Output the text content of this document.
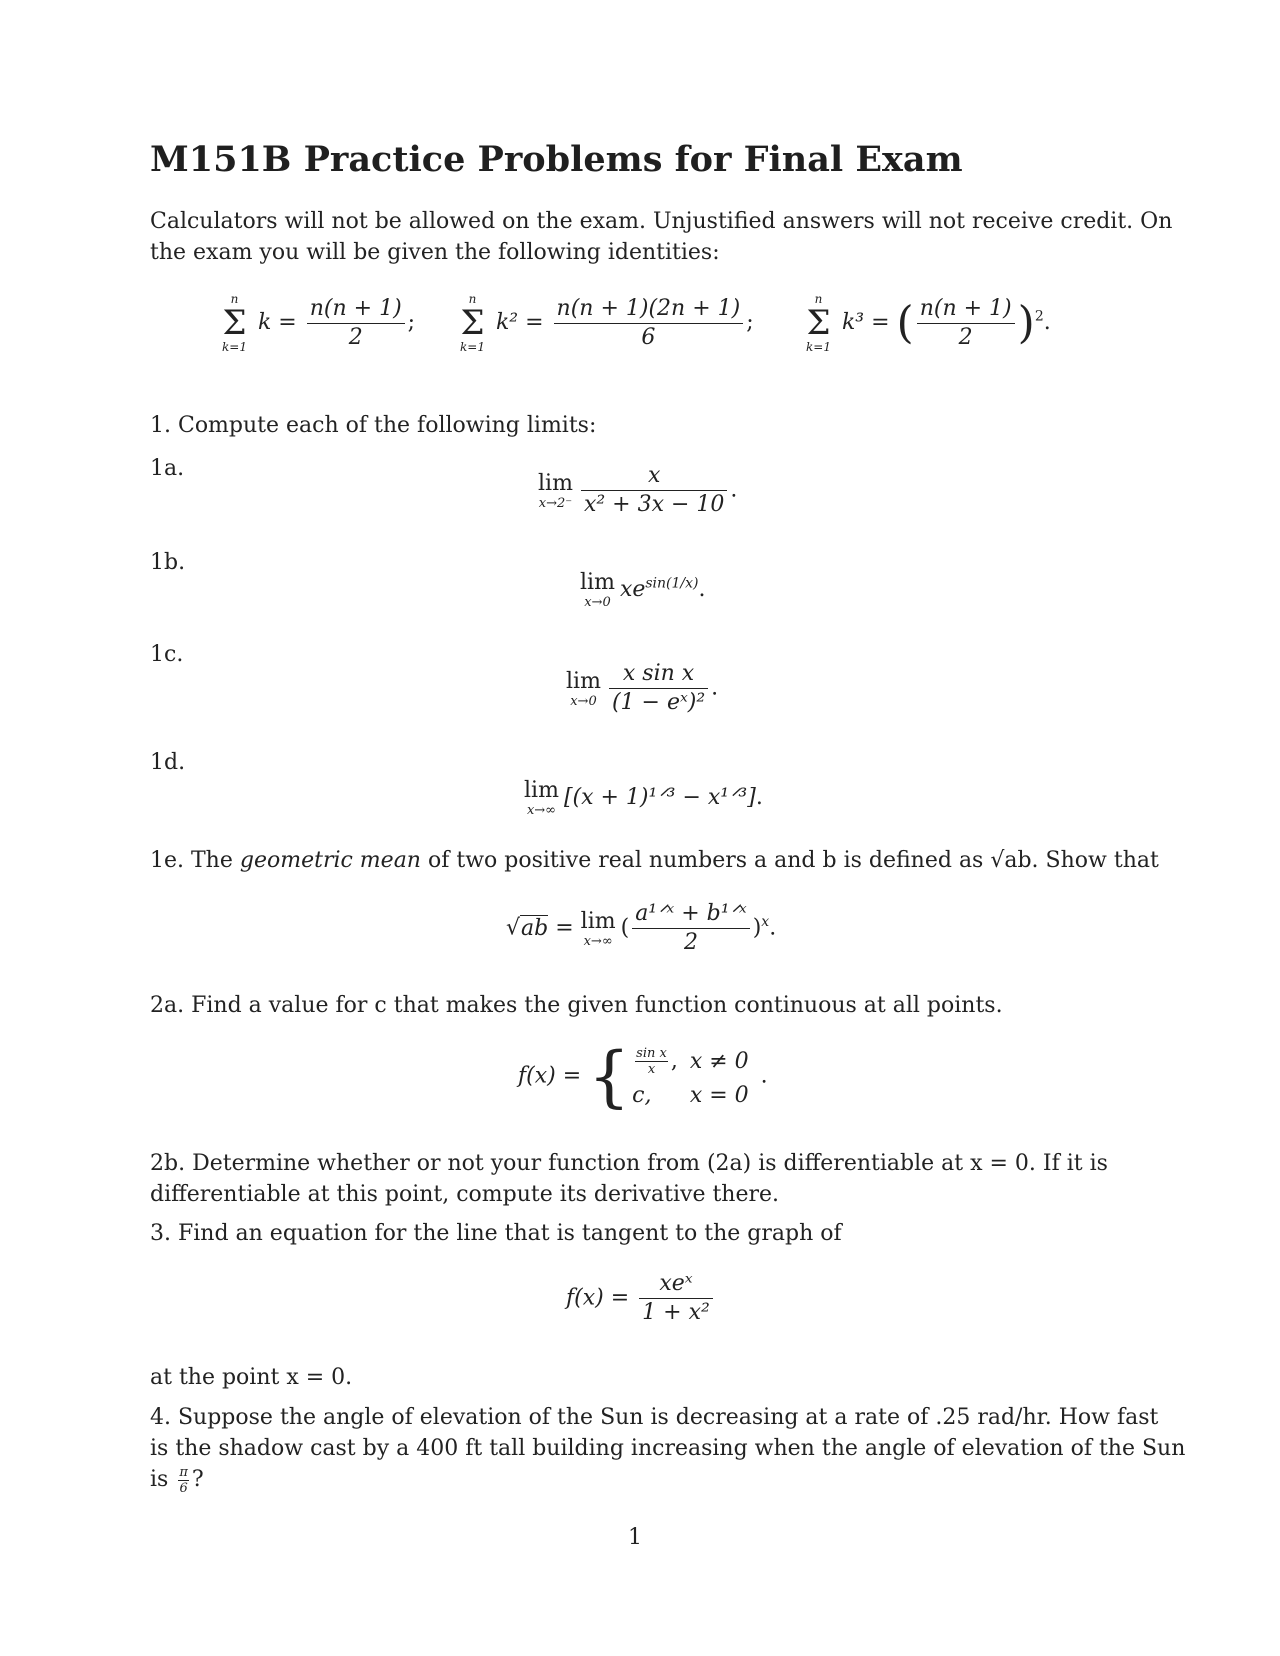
M151B Practice Problems for Final Exam
Calculators will not be allowed on the exam. Unjustified answers will not receive credit. On
the exam you will be given the following identities:
n
Σ
k=1
$k = \frac{n(n + 1)}{2}$ ;
n
Σ
k=1
$k^2 = \frac{n(n + 1)(2n + 1)}{6}$ ;
n
Σ
k=1
k³ = ( $\frac{n(n + 1)}{2} )^2$.
1. Compute each of the following limits:
1a.
lim
$x\to 2^- \frac{x}{\text{x² + 3x − 10}}$ .
1b.
lim
x→0
$xe^{sin(1/x)}$.
1c.
lim
$x\to 0 \frac{\text{x sin x}}{\text{(1 − eˣ)²}}$ .
1d.
lim
x→∞
[(x + 1)¹ᐟ³ − x¹ᐟ³].
1e. The geometric mean of two positive real numbers a and b is defined as √ab. Show that
√ab = lim
x→∞
( $\frac{\text{a¹ᐟˣ + b¹ᐟˣ}}{2} )^x$.
2a. Find a value for c that makes the given function continuous at all points.
f(x) = { $\frac{\text{sin x}}{x}$ ,	x ≠ 0
c,	x = 0.
2b. Determine whether or not your function from (2a) is differentiable at x = 0. If it is
differentiable at this point, compute its derivative there.
3. Find an equation for the line that is tangent to the graph of
$f(x) = \frac{\text{xeˣ}}{\text{1 + x²}}$
at the point x = 0.
4. Suppose the angle of elevation of the Sun is decreasing at a rate of .25 rad/hr. How fast
is the shadow cast by a 400 ft tall building increasing when the angle of elevation of the Sun
is $\frac{\pi}{6}$ ?
1
